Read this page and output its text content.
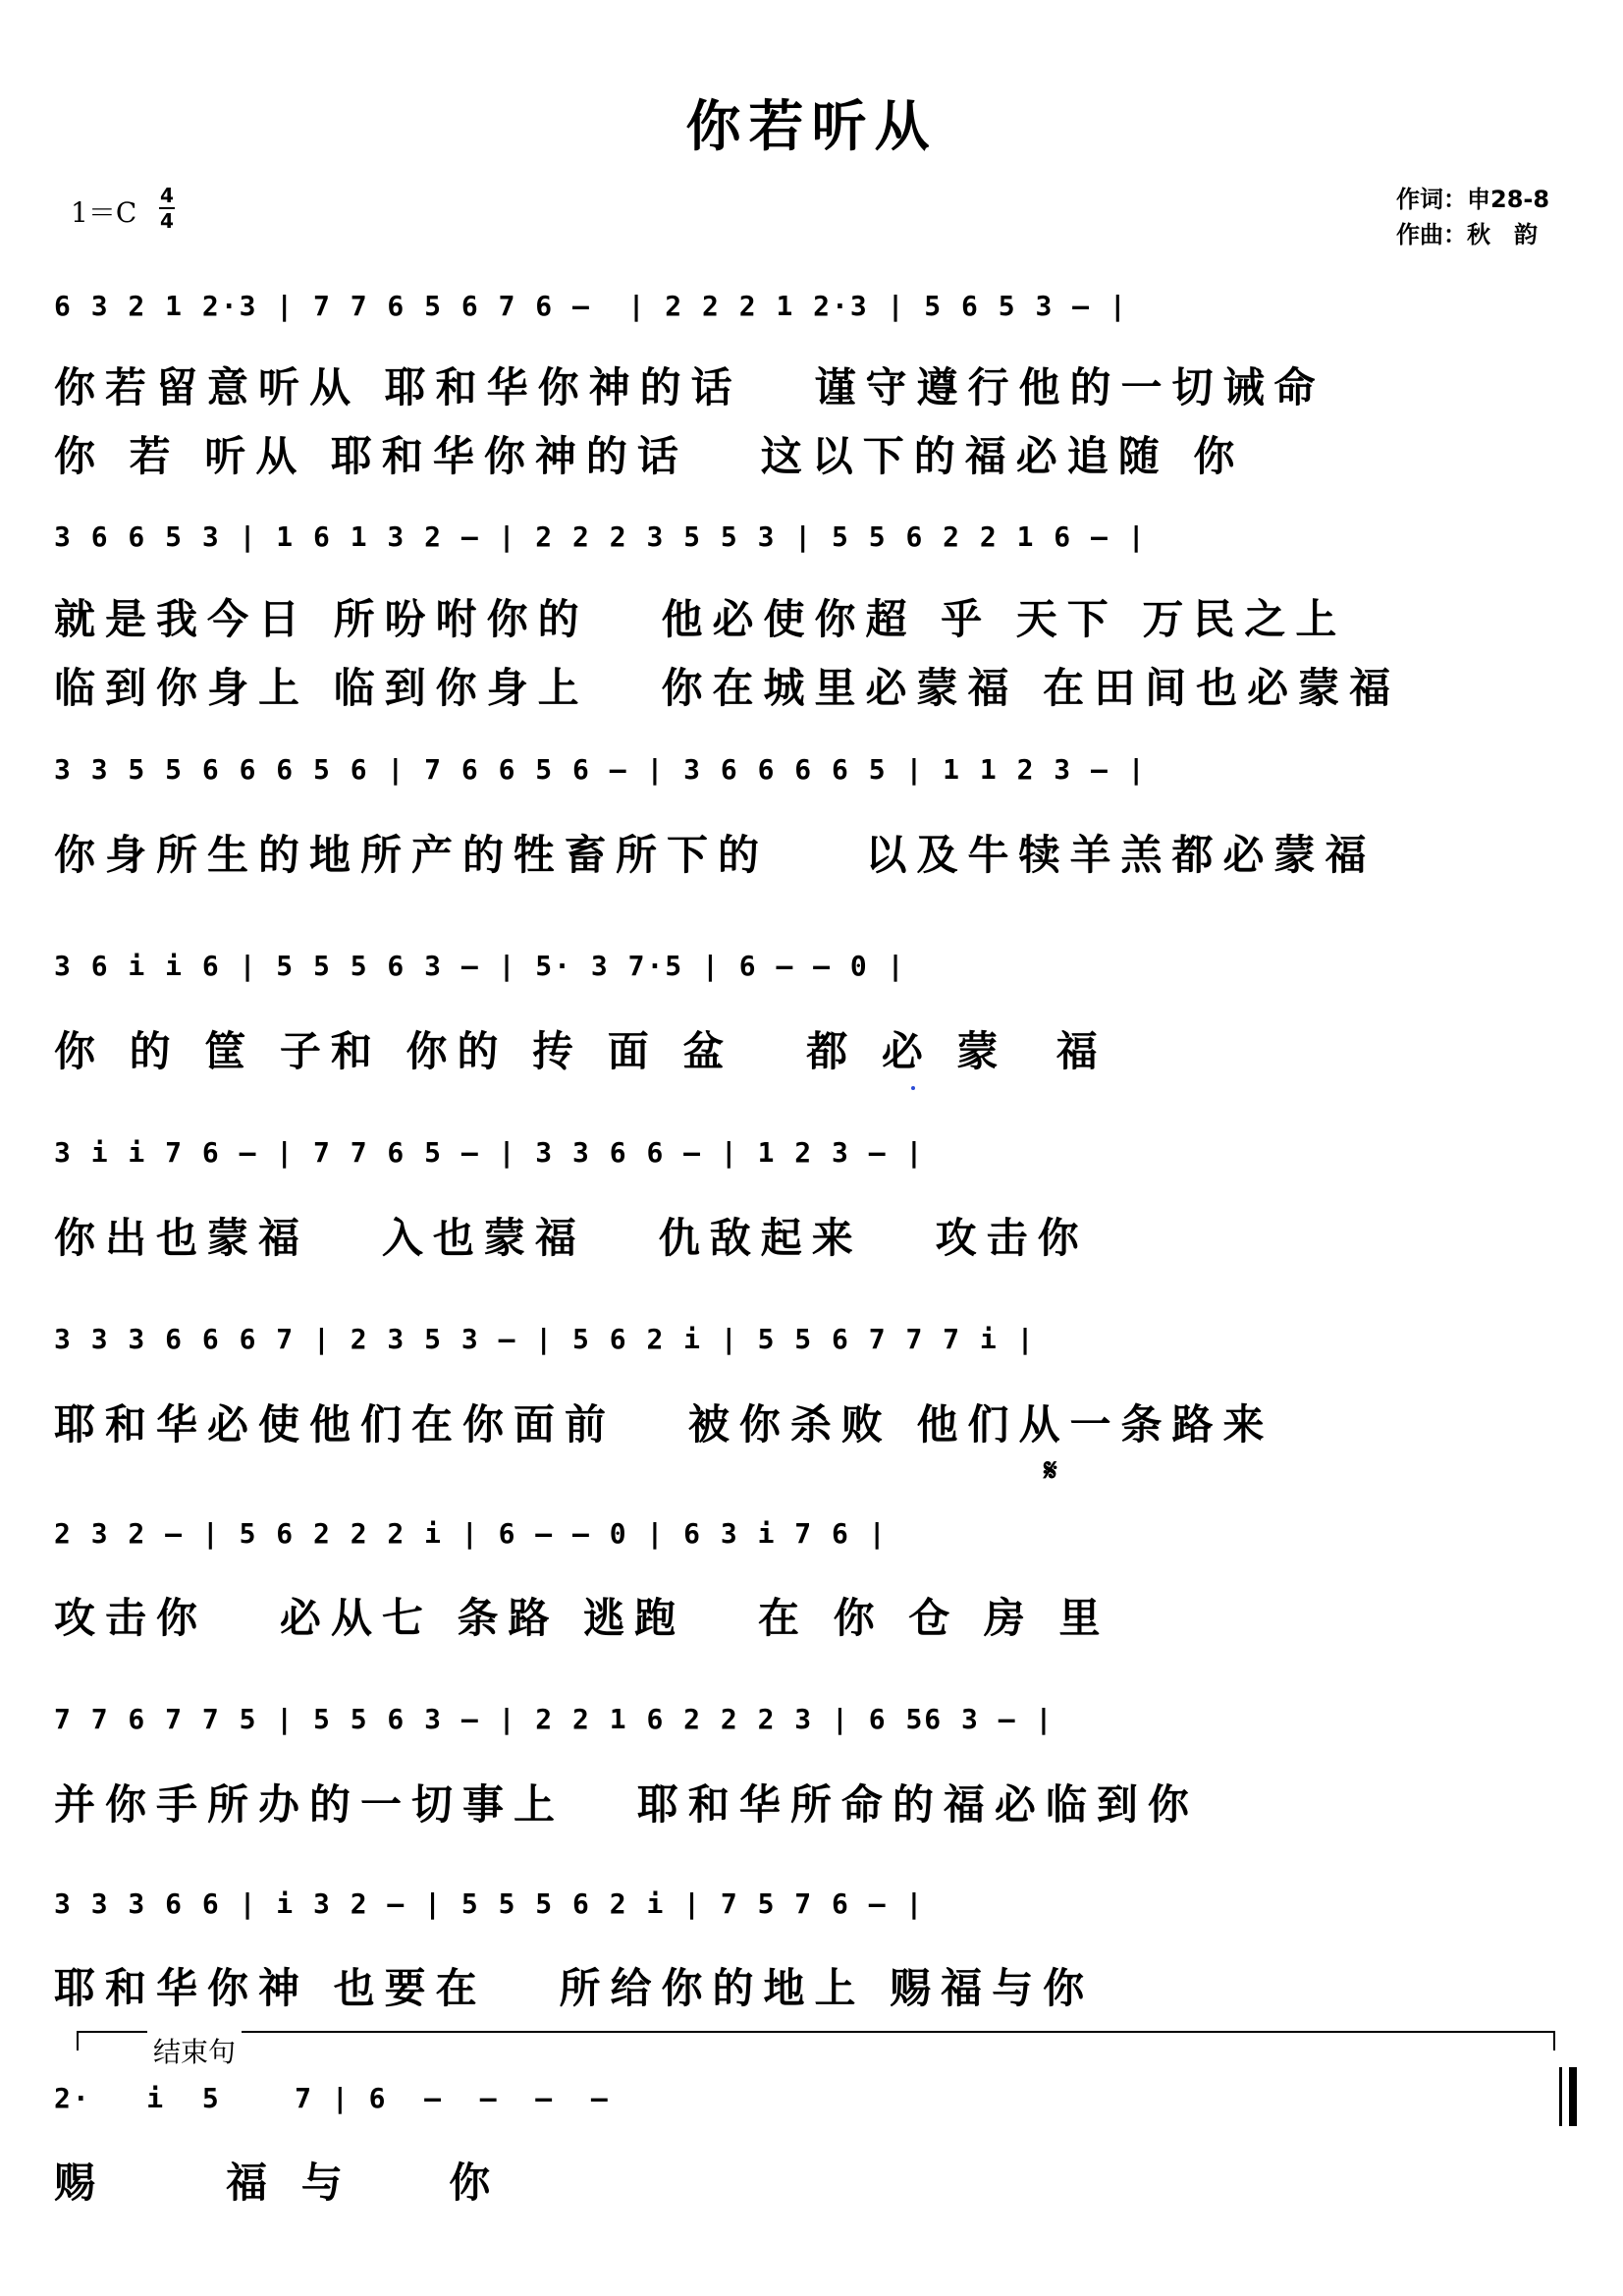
你若听从
1＝C
4
4
作词：申28-8
作曲：秋　韵
6 3 2 1 2·3 | 7 7 6 5 6 7 6 –  | 2 2 2 1 2·3 | 5 6 5 3 – |
你若留意听从 耶和华你神的话   谨守遵行他的一切诫命
你 若 听从 耶和华你神的话   这以下的福必追随 你
3 6 6 5 3 | 1 6 1 3 2 – | 2 2 2 3 5 5 3 | 5 5 6 2 2 1 6 – |
就是我今日 所吩咐你的   他必使你超 乎 天下 万民之上
临到你身上 临到你身上   你在城里必蒙福 在田间也必蒙福
3 3 5 5 6 6 6 5 6 | 7 6 6 5 6 – | 3 6 6 6 6 5 | 1 1 2 3 – |
你身所生的地所产的牲畜所下的    以及牛犊羊羔都必蒙福
3 6 i i 6 | 5 5 5 6 3 – | 5· 3 7·5 | 6 – – 0 |
你 的 筐 子和 你的 抟 面 盆   都 必 蒙  福
3 i i 7 6 – | 7 7 6 5 – | 3 3 6 6 – | 1 2 3 – |
你出也蒙福   入也蒙福   仇敌起来   攻击你
3 3 3 6 6 6 7 | 2 3 5 3 – | 5 6 2 i | 5 5 6 7 7 7 i |
耶和华必使他们在你面前   被你杀败 他们从一条路来
𝄋
2 3 2 – | 5 6 2 2 2 i | 6 – – 0 | 6 3 i 7 6 |
攻击你   必从七 条路 逃跑   在 你 仓 房 里
7 7 6 7 7 5 | 5 5 6 3 – | 2 2 1 6 2 2 2 3 | 6 56 3 – |
并你手所办的一切事上   耶和华所命的福必临到你
3 3 3 6 6 | i 3 2 – | 5 5 5 6 2 i | 7 5 7 6 – |
耶和华你神 也要在   所给你的地上 赐福与你
结束句
2·   i  5    7 | 6  –  –  –  –
赐     福 与    你
